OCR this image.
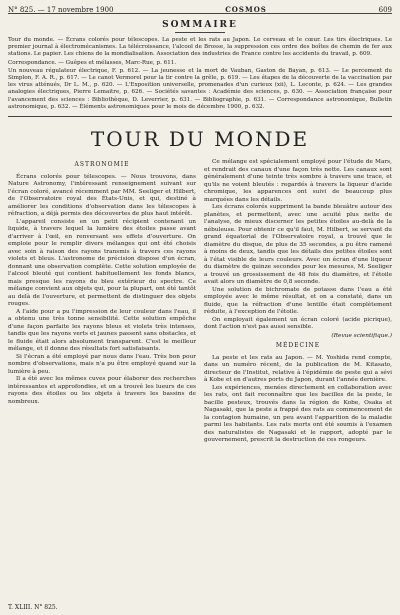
N° 825. — 17 novembre 1900	COSMOS	609
SOMMAIRE

Tour du monde. — Écrans colorés pour télescopes. La peste et les rats au Japon. Le cerveau et le cœur. Les tirs électriques. Le premier journal à électromécanismes. La télécroissance, l'alcool de Brosse, la suppression ces ordre des boîtes de chemin de fer aux stations. Le papier. Les chiens de la mondialisation. Association des industries de France contre les accidents du travail, p. 609.

Correspondance. — Guêpes et mélasses, Marc-Rue, p. 611.

Un nouveau régulateur électrique, F. p. 612. — La jeunesse et la mort de Vauban, Gaston de Bayan, p. 613. — Le percement du Simplon, F. A. R., p. 617. — Le canot Vermorel pour la tir contre la grêle, p. 619. — Les étapes de la découverte de la vaccination par les virus atténués, Dr L. M., p. 620. — L'Exposition universelle, promenades d'un curieux (xii), L. Leconte, p. 624. — Les grandes analogies électriques, Pierre Lemaitre, p. 626. — Sociétés savantes : Académie des sciences, p. 630. — Association française pour l'avancement des sciences : Bibliothèque, D. Leverrier, p. 631. — Bibliographie, p. 631. — Correspondance astronomique, Bulletin astronomique, p. 632. — Éléments astronomiques pour le mois de décembre 1900, p. 632.

TOUR DU MONDE
ASTRONOMIE

Écrans colorés pour télescopes. — Nous trouvons, dans Nature Astronomy, l'intéressant renseignement suivant sur l'écran coloré, avancé récemment par MM. Seeliger et Hilbert, de l'Observatoire royal des États-Unis, et qui, destiné à améliorer les conditions d'observation dans les télescopes à réfraction, a déjà permis des découvertes de plus haut intérêt.

L'appareil consiste en un petit récipient contenant un liquide, à travers lequel la lumière des étoiles passe avant d'arriver à l'œil, en renversant ses effets d'ouverture. On emploie pour le remplir divers mélanges qui ont été choisis avec soin à raison des rayons transmis à travers ces rayons violets et bleus. L'astronome de précision dispose d'un écran, donnant une observation complète. Cette solution employée de l'alcool bleuté qui contient habituellement les fonds blancs, mais presque les rayons du bleu extérieur du spectre. Ce mélange convient aux objets qui, pour la plupart, ont été tantôt au delà de l'ouverture, et permettent de distinguer des objets rouges.

A l'aide pour a pu l'impression de leur couleur dans l'eau, il a obtenu une très tonne sensibilité. Cette solution empêche d'une façon parfaite les rayons bleus et violets très intenses, tandis que les rayons verts et jaunes passent sans obstacles, et le fluide était alors absolument transparent. C'est le meilleur mélange, et il donne des résultats fort satisfaisants.

Si l'écran a été employé par nous dans l'eau. Très bon pour nombre d'observations, mais n'a pu être employé quand sur la lumière à peu.

Il a été avec les mêmes cuves pour élaborer des recherches intéressantes et approfondies, et on a trouvé les lueurs de ces rayons des étoiles ou les objets à travers les bassins de nombreux.

Ce mélange est spécialement employé pour l'étude de Mars, et rendrait des canaux d'une façon très nette. Les canaux sont généralement d'une teinte très sombre à travers une trace, et qu'ils ne voient bleutés : regardés à travers la liqueur d'acide chromique, les apparences ont suivi de beaucoup plus marquées dans les détails.

Les écrans colorés suppriment la bande bleuâtre autour des planètes, et permettent, avec une acuité plus nette de l'analyse, de mieux discerner les petites étoiles au-delà de la nébuleuse. Pour obtenir ce qu'il faut, M. Hilbert, se servant du grand équatorial de l'Observatoire royal, a trouvé que le diamètre du disque, de plus de 35 secondes, a pu être ramené à moins de deux, tandis que les détails des petites étoiles sont à l'état visible de leurs couleurs. Avec un écran d'une liqueur du diamètre de quinze secondes pour les mesures, M. Seeliger a trouvé un grossissement de 48 fois du diamètre, et l'étoile avait alors un diamètre de 0,8 seconde.

Une solution de bichromate de potasse dans l'eau a été employée avec le même résultat, et on a constaté, dans un fluide, que la réfraction d'une lentille était complètement réduite, à l'exception de l'étoile.

On employait également un écran coloré (acide picrique), dont l'action n'est pas aussi sensible.

(Revue scientifique.)
MÉDECINE

La peste et les rats au Japon. — M. Yoshida rend compte, dans un numéro récent, de la publication de M. Kitasato, directeur de l'Institut, relative à l'épidémie de peste qui a sévi à Kobe et en d'autres ports du Japon, durant l'année dernière.

Les expériences, menées directement en collaboration avec les rats, ont fait reconnaître que les bacilles de la peste, le bacille pesteux, trouvés dans la région de Kobe, Osaka et Nagasaki, que la peste a frappé des rats au commencement de la contagion humaine, un peu avant l'apparition de la maladie parmi les habitants. Les rats morts ont été soumis à l'examen des naturalistes de Nagasaki et le rapport, adopté par le gouvernement, prescrit la destruction de ces rongeurs.

T. XLIII. N° 825.
